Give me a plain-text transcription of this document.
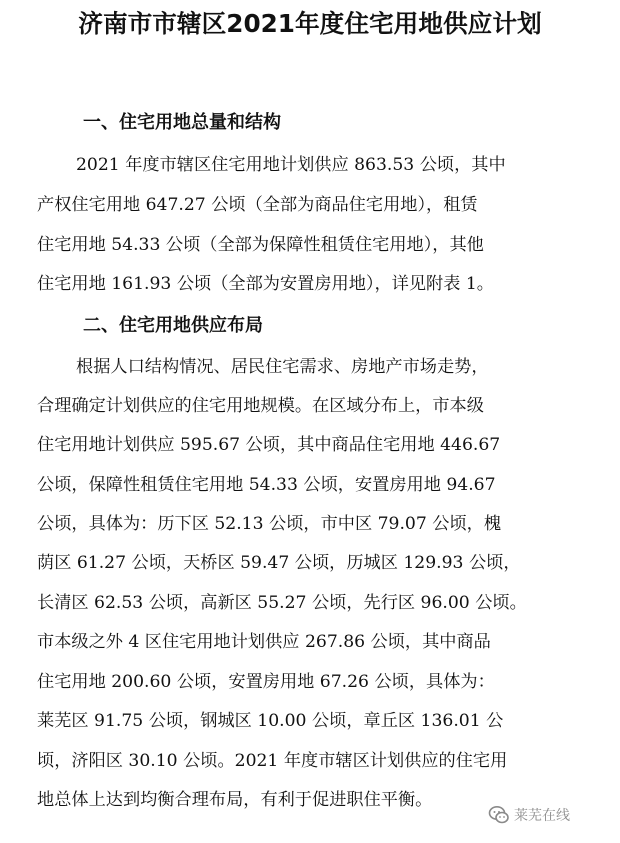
济南市市辖区2021年度住宅用地供应计划
一、住宅用地总量和结构
2021 年度市辖区住宅用地计划供应 863.53 公顷，其中
产权住宅用地 647.27 公顷（全部为商品住宅用地），租赁
住宅用地 54.33 公顷（全部为保障性租赁住宅用地），其他
住宅用地 161.93 公顷（全部为安置房用地），详见附表 1。
二、住宅用地供应布局
根据人口结构情况、居民住宅需求、房地产市场走势，
合理确定计划供应的住宅用地规模。在区域分布上，市本级
住宅用地计划供应 595.67 公顷，其中商品住宅用地 446.67
公顷，保障性租赁住宅用地 54.33 公顷，安置房用地 94.67
公顷，具体为：历下区 52.13 公顷，市中区 79.07 公顷，槐
荫区 61.27 公顷，天桥区 59.47 公顷，历城区 129.93 公顷，
长清区 62.53 公顷，高新区 55.27 公顷，先行区 96.00 公顷。
市本级之外 4 区住宅用地计划供应 267.86 公顷，其中商品
住宅用地 200.60 公顷，安置房用地 67.26 公顷，具体为：
莱芜区 91.75 公顷，钢城区 10.00 公顷，章丘区 136.01 公
顷，济阳区 30.10 公顷。2021 年度市辖区计划供应的住宅用
地总体上达到均衡合理布局，有利于促进职住平衡。
莱芜在线
